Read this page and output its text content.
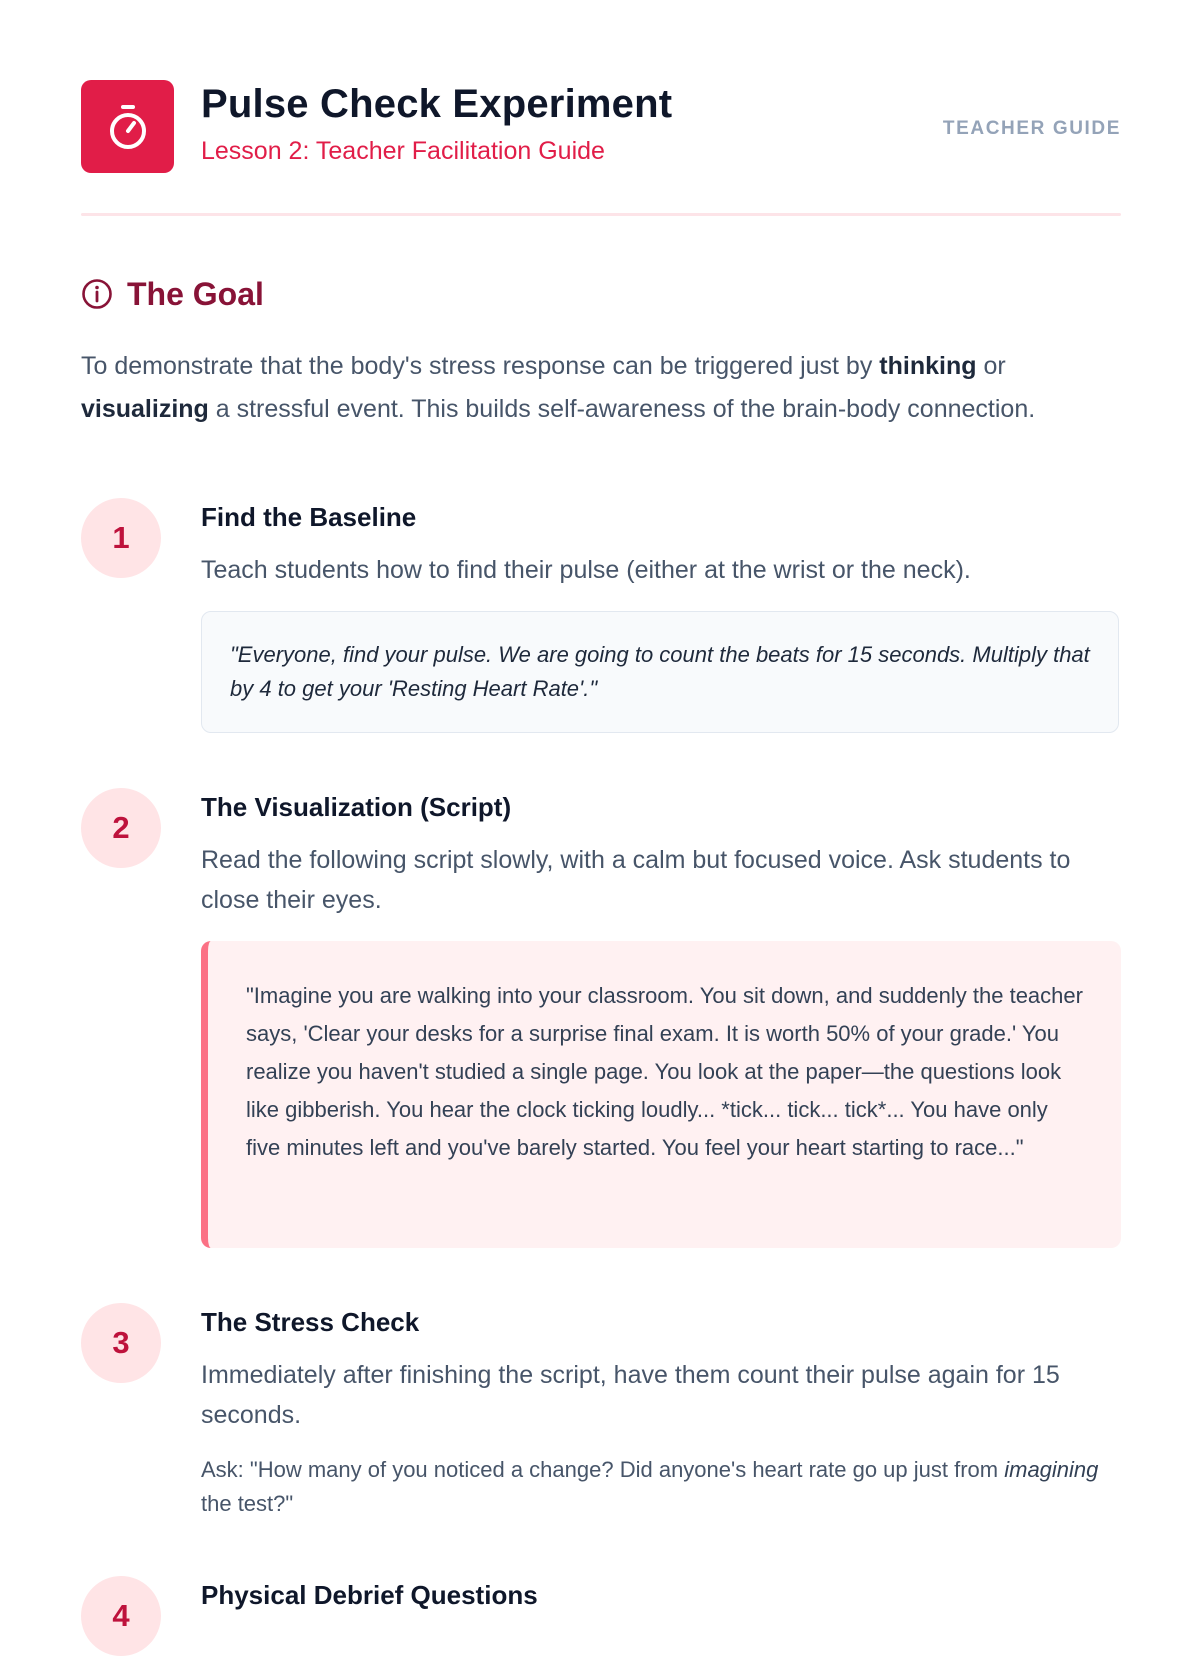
Pulse Check Experiment
Lesson 2: Teacher Facilitation Guide
TEACHER GUIDE
The Goal
To demonstrate that the body's stress response can be triggered just by thinking or visualizing a stressful event. This builds self-awareness of the brain-body connection.
1
Find the Baseline
Teach students how to find their pulse (either at the wrist or the neck).
"Everyone, find your pulse. We are going to count the beats for 15 seconds. Multiply that by 4 to get your 'Resting Heart Rate'."
2
The Visualization (Script)
Read the following script slowly, with a calm but focused voice. Ask students to close their eyes.
"Imagine you are walking into your classroom. You sit down, and suddenly the teacher says, 'Clear your desks for a surprise final exam. It is worth 50% of your grade.' You realize you haven't studied a single page. You look at the paper—the questions look like gibberish. You hear the clock ticking loudly... *tick... tick... tick*... You have only five minutes left and you've barely started. You feel your heart starting to race..."
3
The Stress Check
Immediately after finishing the script, have them count their pulse again for 15 seconds.
Ask: "How many of you noticed a change? Did anyone's heart rate go up just from imagining the test?"
4
Physical Debrief Questions
